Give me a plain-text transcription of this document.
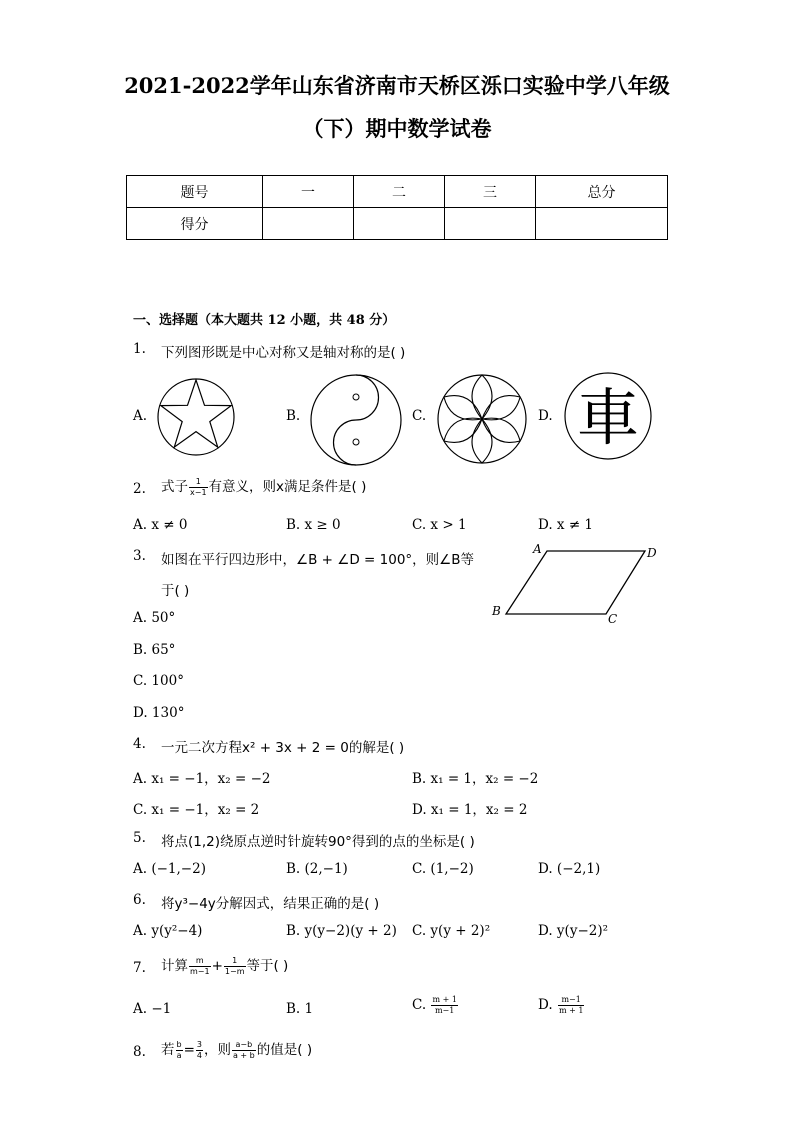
2021-2022学年山东省济南市天桥区泺口实验中学八年级
（下）期中数学试卷
题号	一	二	三	总分
得分				
一、选择题（本大题共 12 小题，共 48 分）
1. 下列图形既是中心对称又是轴对称的是( )
A.	B.	C.	D. 車
2. 式子 $\frac{1}{x-1}$ 有意义，则x满足条件是( )
A. x ≠ 0	B. x ≥ 0	C. x > 1	D. x ≠ 1
3. 如图在平行四边形中，∠B + ∠D = 100°，则∠B等
于( )
A. 50°
B. 65°
C. 100°
D. 130°
A	D
B
C
4. 一元二次方程x² + 3x + 2 = 0的解是( )
A. x₁ = −1，x₂ = −2	B. x₁ = 1，x₂ = −2
C. x₁ = −1，x₂ = 2	D. x₁ = 1，x₂ = 2
5. 将点(1,2)绕原点逆时针旋转90°得到的点的坐标是( )
A. (−1,−2)	B. (2,−1)	C. (1,−2)	D. (−2,1)
6. 将y³−4y分解因式，结果正确的是( )
A. y(y²−4)	B. y(y−2)(y + 2) C. y(y + 2)²	D. y(y−2)²
7. 计算 $\frac{m}{m-1} + \frac{1}{1-m}$ 等于( )
A. −1	B. 1	C. $\frac{m + 1}{m-1}$	D. $\frac{m-1}{m + 1}$
8. 若 $\frac{b}{a} = \frac{3}{4}$ ，则 $\frac{a-b}{a + b}$ 的值是( )
